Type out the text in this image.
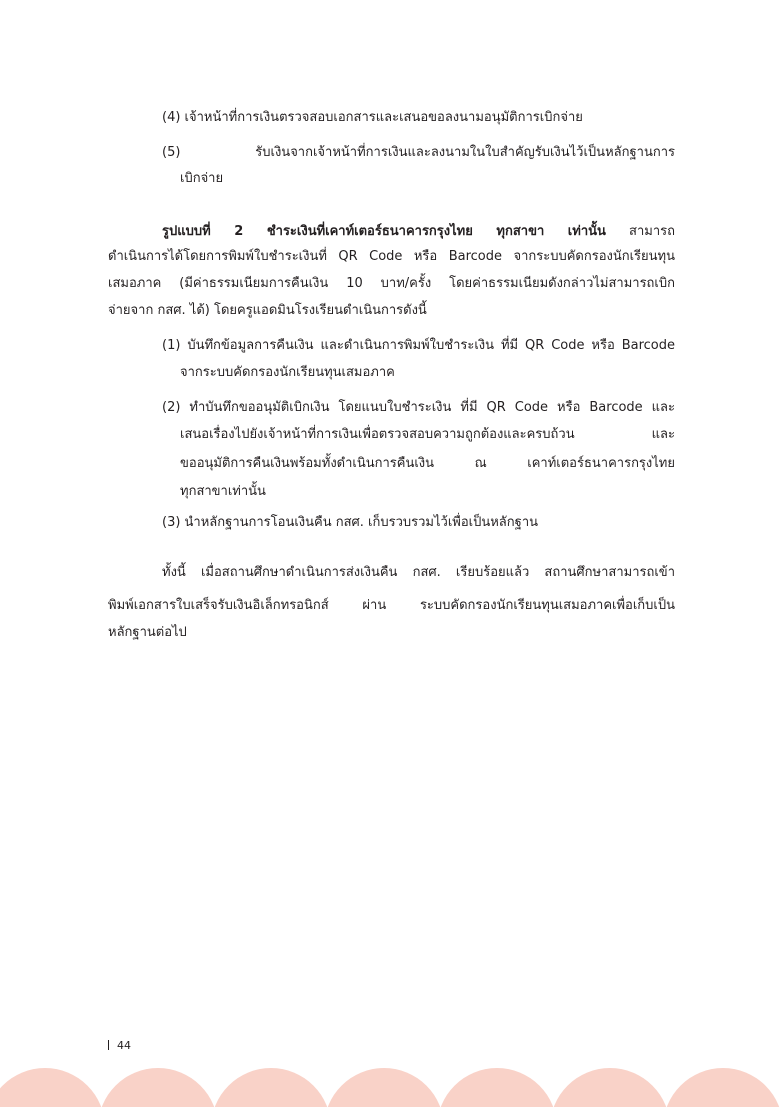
(4) เจ้าหน้าที่การเงินตรวจสอบเอกสารและเสนอขอลงนามอนุมัติการเบิกจ่าย
(5) รับเงินจากเจ้าหน้าที่การเงินและลงนามในใบสำคัญรับเงินไว้เป็นหลักฐานการ
เบิกจ่าย
รูปแบบที่ 2 ชำระเงินที่เคาท์เตอร์ธนาคารกรุงไทย ทุกสาขา เท่านั้น สามารถ
ดำเนินการได้โดยการพิมพ์ใบชำระเงินที่ QR Code หรือ Barcode จากระบบคัดกรองนักเรียนทุน
เสมอภาค (มีค่าธรรมเนียมการคืนเงิน 10 บาท/ครั้ง โดยค่าธรรมเนียมดังกล่าวไม่สามารถเบิก
จ่ายจาก กสศ. ได้) โดยครูแอดมินโรงเรียนดำเนินการดังนี้
(1) บันทึกข้อมูลการคืนเงิน และดำเนินการพิมพ์ใบชำระเงิน ที่มี QR Code หรือ Barcode
จากระบบคัดกรองนักเรียนทุนเสมอภาค
(2) ทำบันทึกขออนุมัติเบิกเงิน โดยแนบใบชำระเงิน ที่มี QR Code หรือ Barcode และ
เสนอเรื่องไปยังเจ้าหน้าที่การเงินเพื่อตรวจสอบความถูกต้องและครบถ้วน และ
ขออนุมัติการคืนเงินพร้อมทั้งดำเนินการคืนเงิน ณ เคาท์เตอร์ธนาคารกรุงไทย
ทุกสาขาเท่านั้น
(3) นำหลักฐานการโอนเงินคืน กสศ. เก็บรวบรวมไว้เพื่อเป็นหลักฐาน
ทั้งนี้ เมื่อสถานศึกษาดำเนินการส่งเงินคืน กสศ. เรียบร้อยแล้ว สถานศึกษาสามารถเข้า
พิมพ์เอกสารใบเสร็จรับเงินอิเล็กทรอนิกส์ ผ่าน ระบบคัดกรองนักเรียนทุนเสมอภาคเพื่อเก็บเป็น
หลักฐานต่อไป
44
